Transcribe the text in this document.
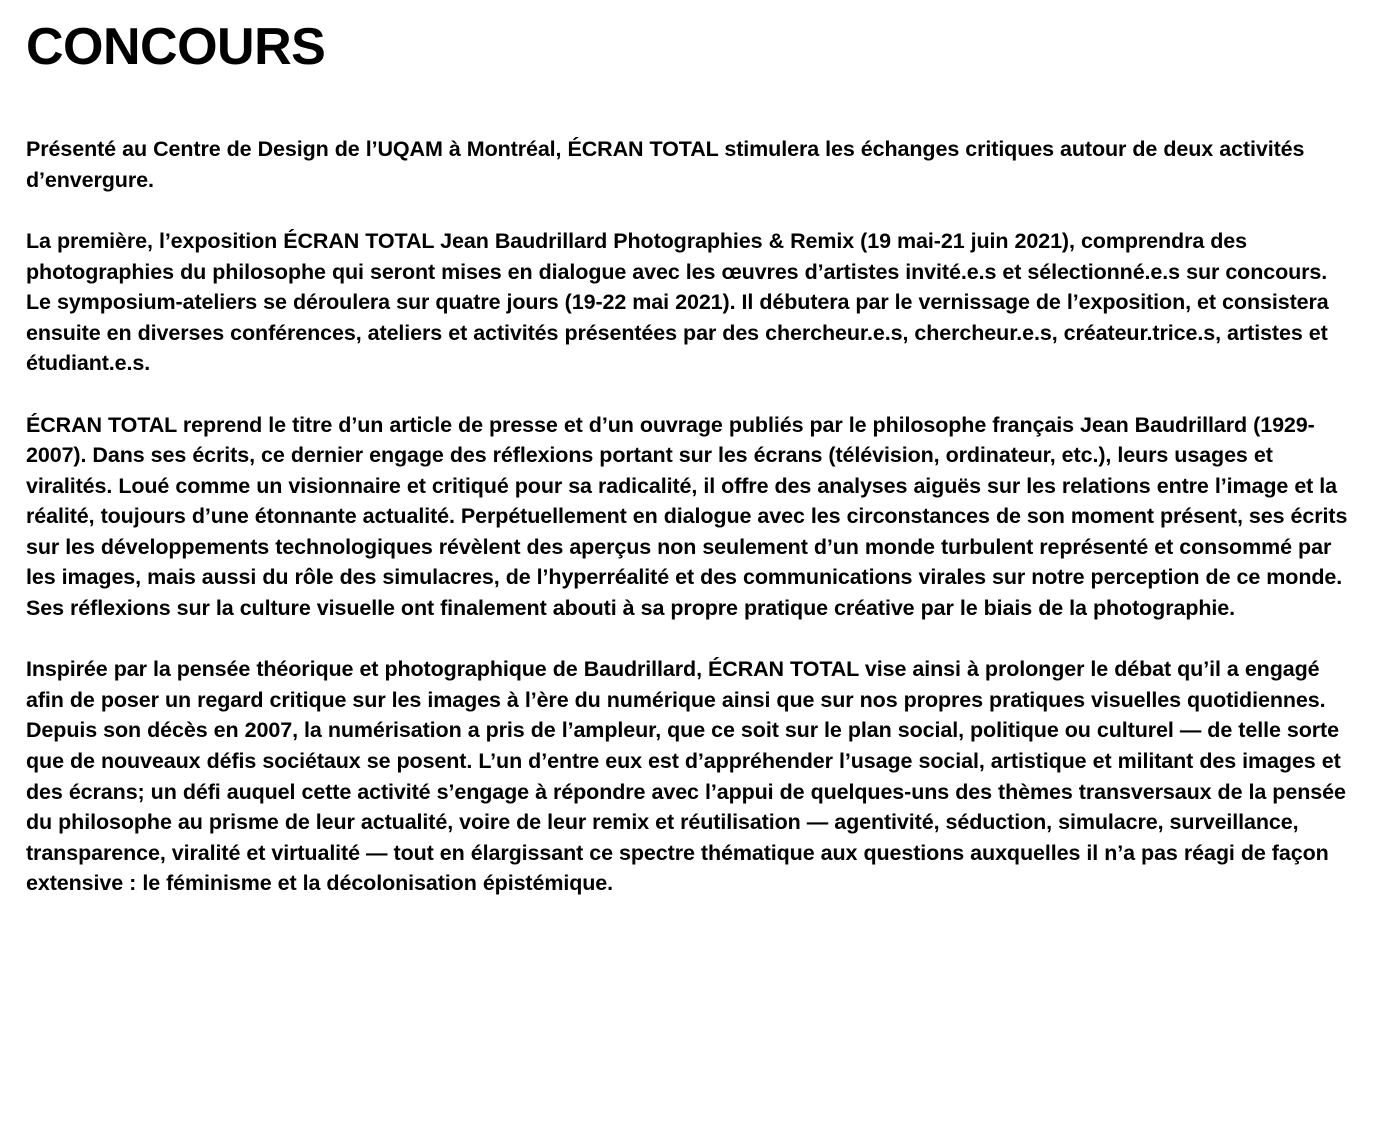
CONCOURS

Présenté au Centre de Design de l’UQAM à Montréal, ÉCRAN TOTAL stimulera les échanges critiques autour de deux activités d’envergure.

La première, l’exposition ÉCRAN TOTAL Jean Baudrillard Photographies & Remix (19 mai-21 juin 2021), comprendra des photographies du philosophe qui seront mises en dialogue avec les œuvres d’artistes invité.e.s et sélectionné.e.s sur concours. Le symposium-ateliers se déroulera sur quatre jours (19-22 mai 2021). Il débutera par le vernissage de l’exposition, et consistera ensuite en diverses conférences, ateliers et activités présentées par des chercheur.e.s, chercheur.e.s, créateur.trice.s, artistes et étudiant.e.s.

ÉCRAN TOTAL reprend le titre d’un article de presse et d’un ouvrage publiés par le philosophe français Jean Baudrillard (1929-2007). Dans ses écrits, ce dernier engage des réflexions portant sur les écrans (télévision, ordinateur, etc.), leurs usages et viralités. Loué comme un visionnaire et critiqué pour sa radicalité, il offre des analyses aiguës sur les relations entre l’image et la réalité, toujours d’une étonnante actualité. Perpétuellement en dialogue avec les circonstances de son moment présent, ses écrits sur les développements technologiques révèlent des aperçus non seulement d’un monde turbulent représenté et consommé par les images, mais aussi du rôle des simulacres, de l’hyperréalité et des communications virales sur notre perception de ce monde. Ses réflexions sur la culture visuelle ont finalement abouti à sa propre pratique créative par le biais de la photographie.

Inspirée par la pensée théorique et photographique de Baudrillard, ÉCRAN TOTAL vise ainsi à prolonger le débat qu’il a engagé afin de poser un regard critique sur les images à l’ère du numérique ainsi que sur nos propres pratiques visuelles quotidiennes. Depuis son décès en 2007, la numérisation a pris de l’ampleur, que ce soit sur le plan social, politique ou culturel — de telle sorte que de nouveaux défis sociétaux se posent. L’un d’entre eux est d’appréhender l’usage social, artistique et militant des images et des écrans; un défi auquel cette activité s’engage à répondre avec l’appui de quelques-uns des thèmes transversaux de la pensée du philosophe au prisme de leur actualité, voire de leur remix et réutilisation — agentivité, séduction, simulacre, surveillance, transparence, viralité et virtualité — tout en élargissant ce spectre thématique aux questions auxquelles il n’a pas réagi de façon extensive : le féminisme et la décolonisation épistémique.
